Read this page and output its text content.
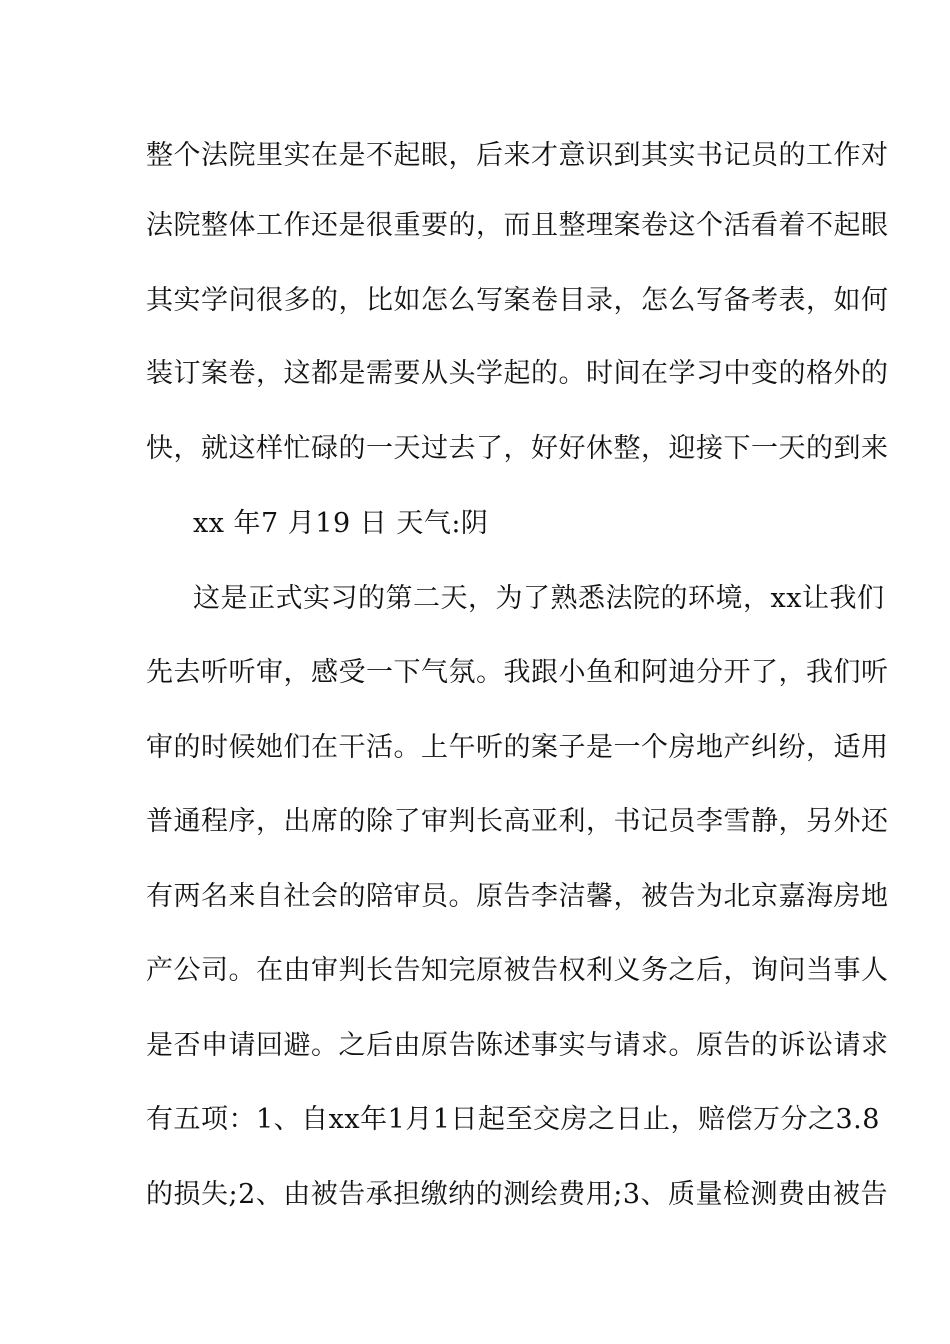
整个法院里实在是不起眼，后来才意识到其实书记员的工作对
法院整体工作还是很重要的，而且整理案卷这个活看着不起眼
其实学问很多的，比如怎么写案卷目录，怎么写备考表，如何
装订案卷，这都是需要从头学起的。时间在学习中变的格外的
快，就这样忙碌的一天过去了，好好休整，迎接下一天的到来
xx 年7 月19 日 天气:阴
这是正式实习的第二天，为了熟悉法院的环境，xx让我们
先去听听审，感受一下气氛。我跟小鱼和阿迪分开了，我们听
审的时候她们在干活。上午听的案子是一个房地产纠纷，适用
普通程序，出席的除了审判长高亚利，书记员李雪静，另外还
有两名来自社会的陪审员。原告李洁馨，被告为北京嘉海房地
产公司。在由审判长告知完原被告权利义务之后，询问当事人
是否申请回避。之后由原告陈述事实与请求。原告的诉讼请求
有五项：1、自xx年1月1日起至交房之日止，赔偿万分之3.8
的损失;2、由被告承担缴纳的测绘费用;3、质量检测费由被告
